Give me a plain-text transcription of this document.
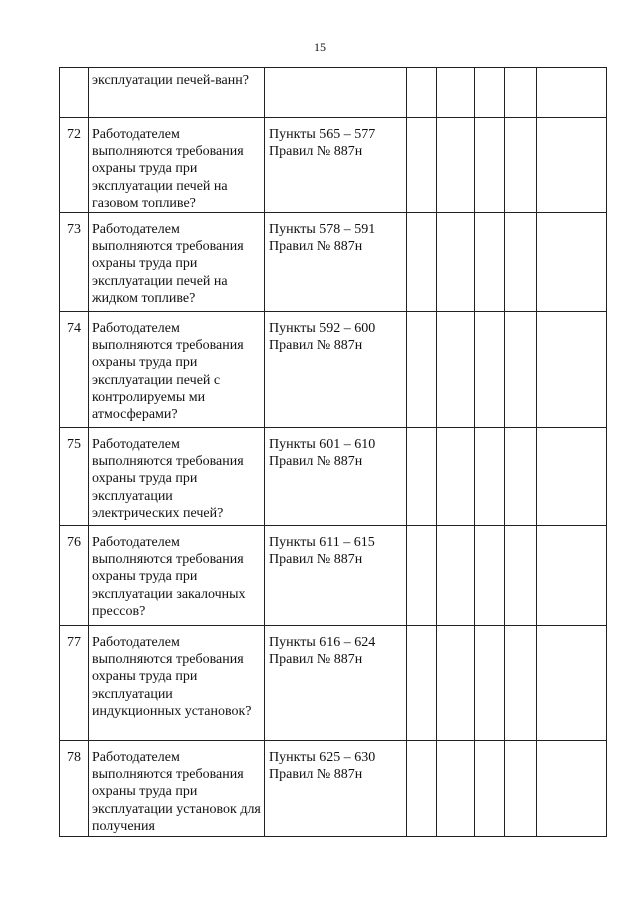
15

	эксплуатации печей-ванн?						

72	Работодателем выполняются требования охраны труда при эксплуатации печей на газовом топливе?	Пункты 565 – 577 Правил № 887н					
73	Работодателем выполняются требования охраны труда при эксплуатации печей на жидком топливе?	Пункты 578 – 591 Правил № 887н					
74	Работодателем выполняются требования охраны труда при эксплуатации печей с контролируемы ми атмосферами?	Пункты 592 – 600 Правил № 887н					
75	Работодателем выполняются требования охраны труда при эксплуатации электрических печей?	Пункты 601 – 610 Правил № 887н					
76	Работодателем выполняются требования охраны труда при эксплуатации закалочных прессов?	Пункты 611 – 615 Правил № 887н					
77	Работодателем выполняются требования охраны труда при эксплуатации индукционных установок?	Пункты 616 – 624 Правил № 887н					
78	Работодателем выполняются требования охраны труда при эксплуатации установок для получения	Пункты 625 – 630 Правил № 887н					
